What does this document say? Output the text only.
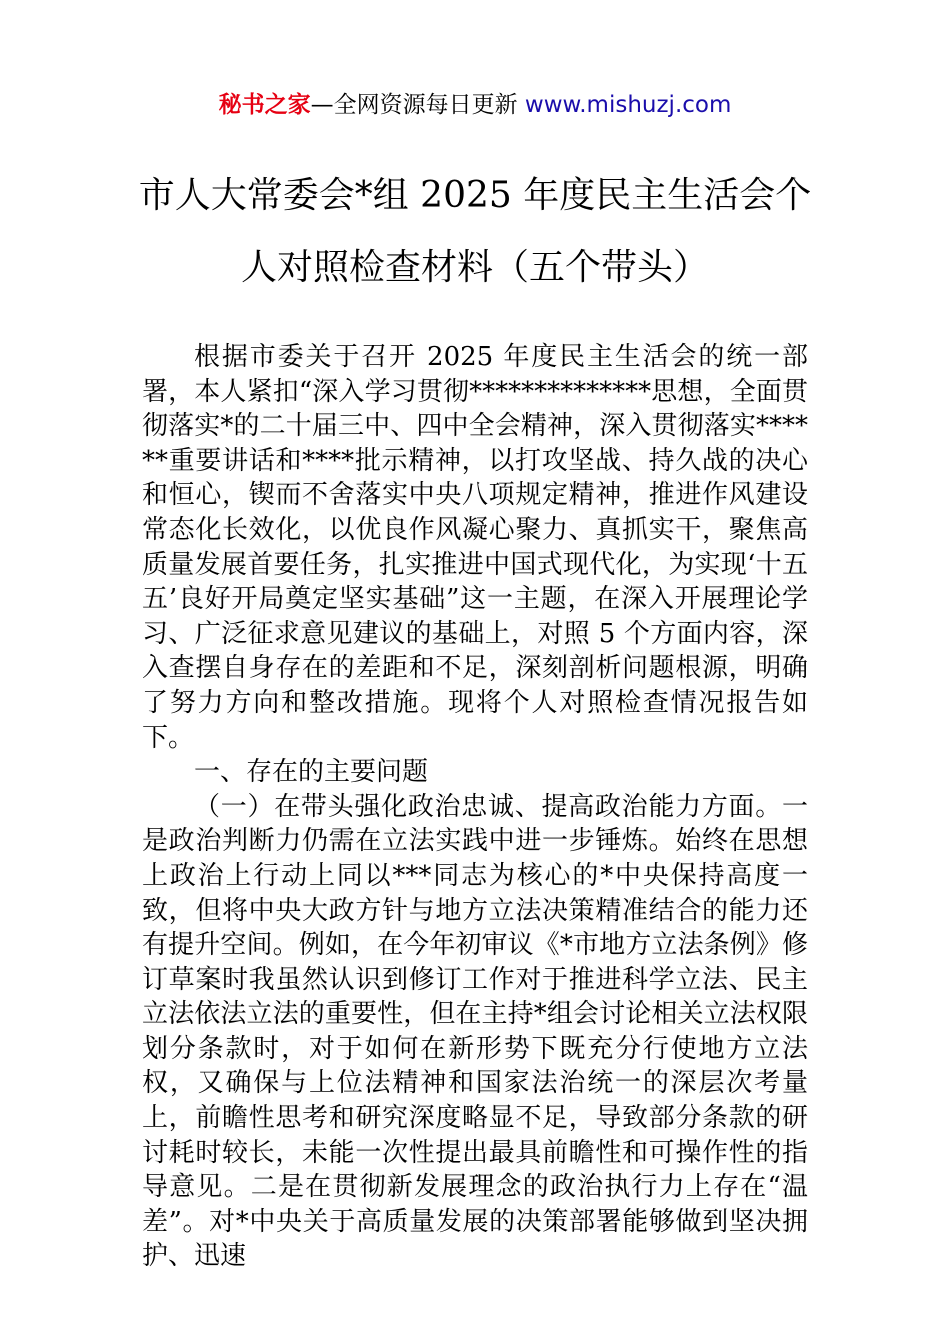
秘书之家—全网资源每日更新 www.mishuzj.com
市人大常委会*组 2025 年度民主生活会个人对照检查材料（五个带头）

根据市委关于召开 2025 年度民主生活会的统一部署，本人紧扣“深入学习贯彻**************思想，全面贯彻落实*的二十届三中、四中全会精神，深入贯彻落实******重要讲话和****批示精神，以打攻坚战、持久战的决心和恒心，锲而不舍落实中央八项规定精神，推进作风建设常态化长效化，以优良作风凝心聚力、真抓实干，聚焦高质量发展首要任务，扎实推进中国式现代化，为实现‘十五五’良好开局奠定坚实基础”这一主题，在深入开展理论学习、广泛征求意见建议的基础上，对照 5 个方面内容，深入查摆自身存在的差距和不足，深刻剖析问题根源，明确了努力方向和整改措施。现将个人对照检查情况报告如下。

一、存在的主要问题

（一）在带头强化政治忠诚、提高政治能力方面。一是政治判断力仍需在立法实践中进一步锤炼。始终在思想上政治上行动上同以***同志为核心的*中央保持高度一致，但将中央大政方针与地方立法决策精准结合的能力还有提升空间。例如，在今年初审议《*市地方立法条例》修订草案时我虽然认识到修订工作对于推进科学立法、民主立法依法立法的重要性，但在主持*组会讨论相关立法权限划分条款时，对于如何在新形势下既充分行使地方立法权，又确保与上位法精神和国家法治统一的深层次考量上，前瞻性思考和研究深度略显不足，导致部分条款的研讨耗时较长，未能一次性提出最具前瞻性和可操作性的指导意见。二是在贯彻新发展理念的政治执行力上存在“温差”。对*中央关于高质量发展的决策部署能够做到坚决拥护、迅速
